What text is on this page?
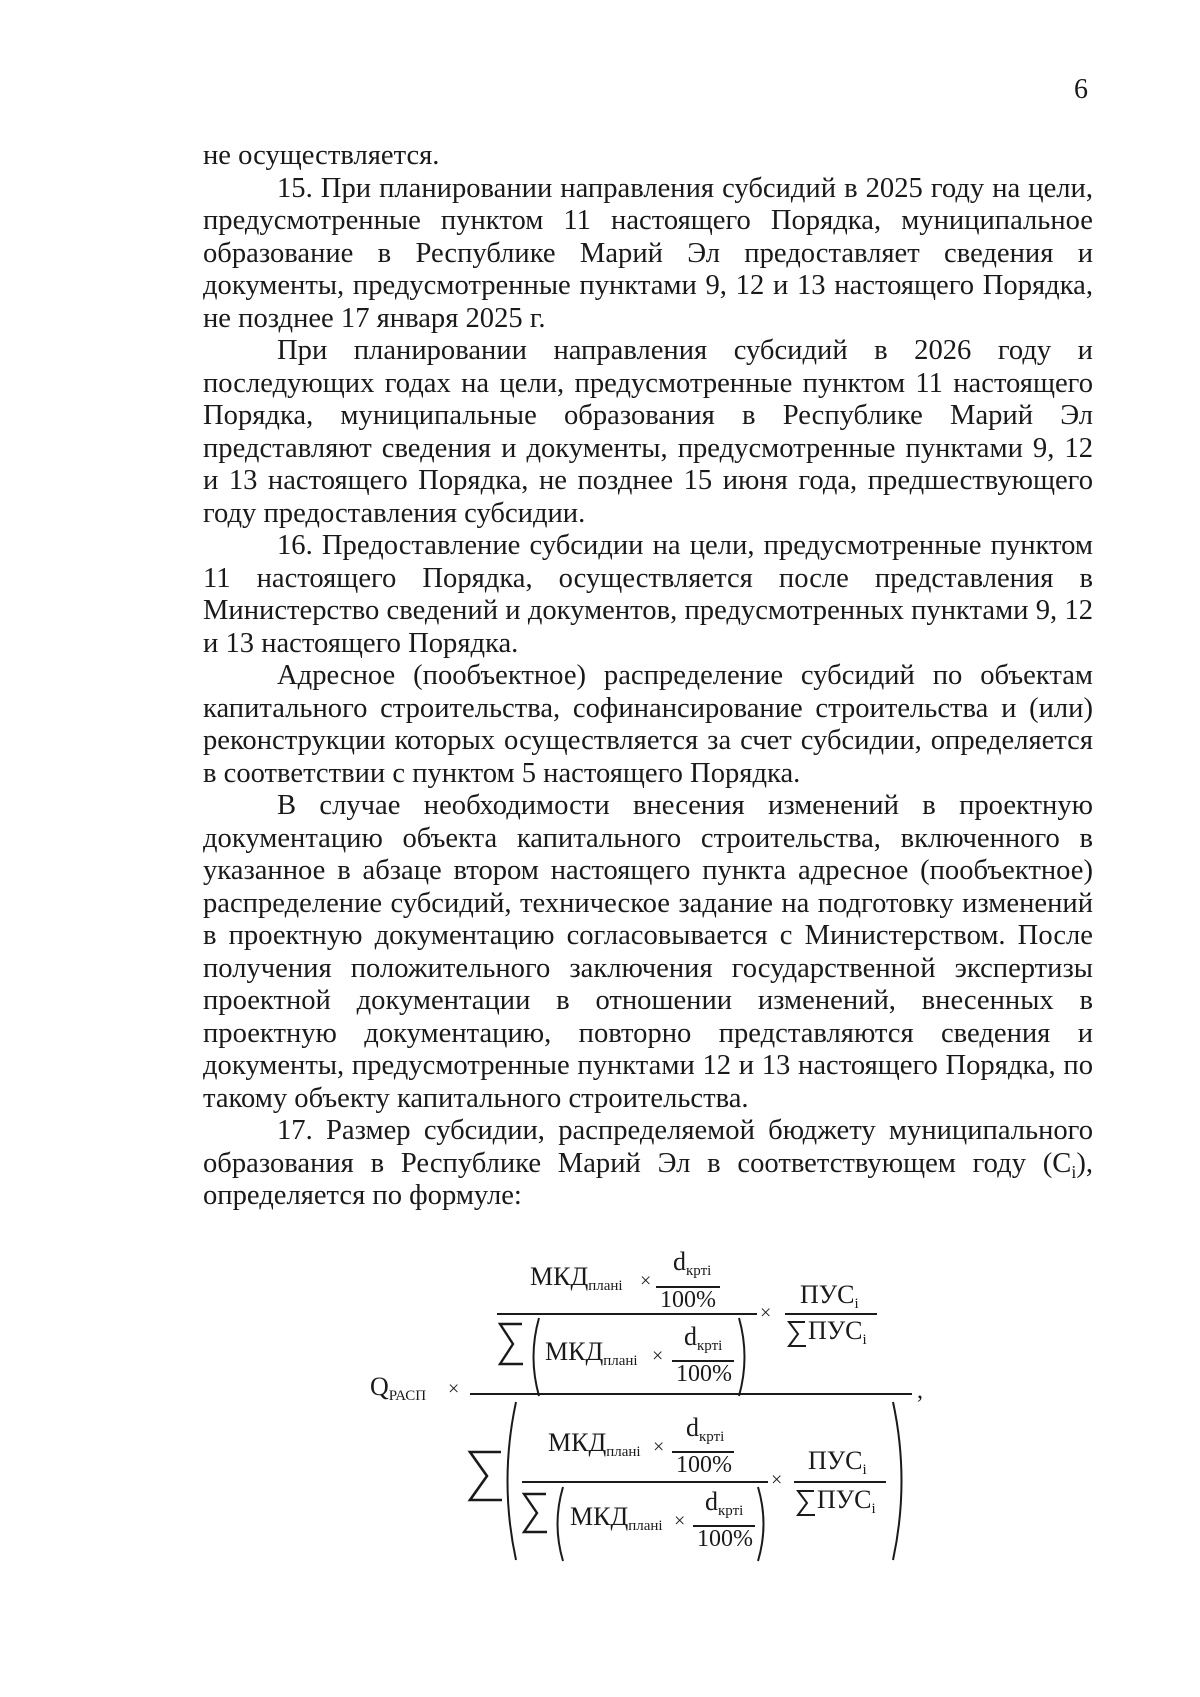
6

не осуществляется.

15. При планировании направления субсидий в 2025 году на цели, предусмотренные пунктом 11 настоящего Порядка, муниципальное образование в Республике Марий Эл предоставляет сведения и документы, предусмотренные пунктами 9, 12 и 13 настоящего Порядка, не позднее 17 января 2025 г.

При планировании направления субсидий в 2026 году и последующих годах на цели, предусмотренные пунктом 11 настоящего Порядка, муниципальные образования в Республике Марий Эл представляют сведения и документы, предусмотренные пунктами 9, 12 и 13 настоящего Порядка, не позднее 15 июня года, предшествующего году предоставления субсидии.

16. Предоставление субсидии на цели, предусмотренные пунктом 11 настоящего Порядка, осуществляется после представления в Министерство сведений и документов, предусмотренных пунктами 9, 12 и 13 настоящего Порядка.

Адресное (пообъектное) распределение субсидий по объектам капитального строительства, софинансирование строительства и (или) реконструкции которых осуществляется за счет субсидии, определяется в соответствии с пунктом 5 настоящего Порядка.

В случае необходимости внесения изменений в проектную документацию объекта капитального строительства, включенного в указанное в абзаце втором настоящего пункта адресное (пообъектное) распределение субсидий, техническое задание на подготовку изменений в проектную документацию согласовывается с Министерством. После получения положительного заключения государственной экспертизы проектной документации в отношении изменений, внесенных в проектную документацию, повторно представляются сведения и документы, предусмотренные пунктами 12 и 13 настоящего Порядка, по такому объекту капитального строительства.

17. Размер субсидии, распределяемой бюджету муниципального образования в Республике Марий Эл в соответствующем году $(С_i)$, определяется по формуле:

QРАСП ×	,
МКДпланi ×
dкртi
100%
МКДпланi ×
dкртi
100%
×
ПУСi
ПУСi
МКДпланi ×
dкртi
100%
МКДпланi ×
dкртi
100%
×
ПУСi
ПУСi
